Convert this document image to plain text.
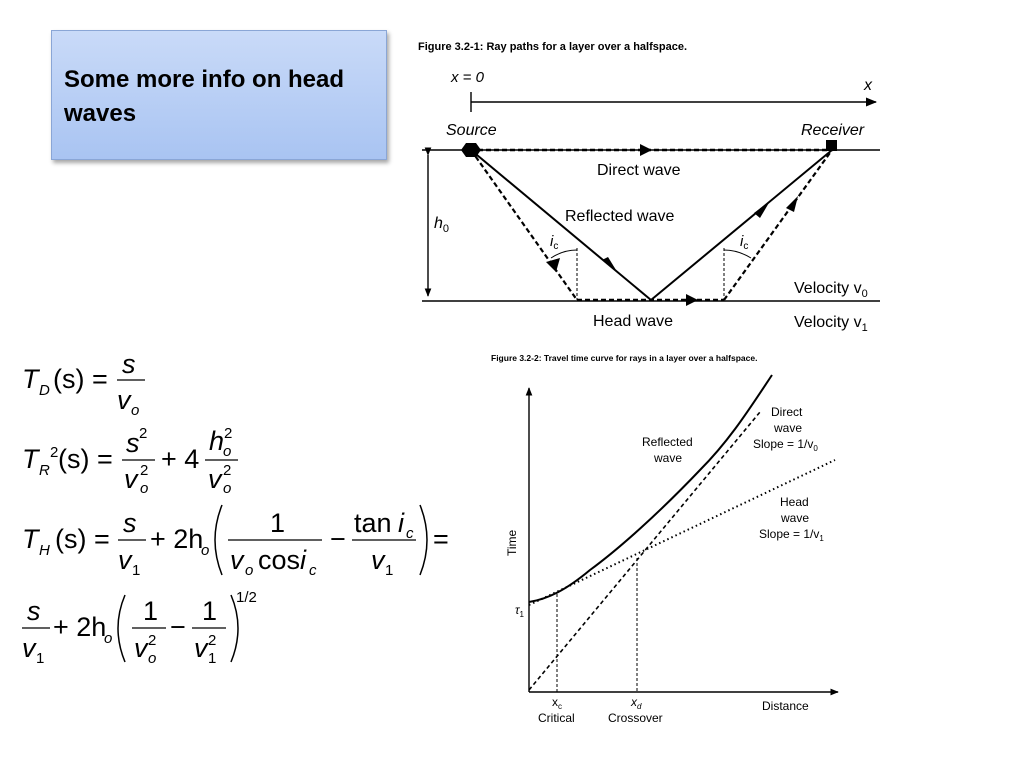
Some more info on head waves
Figure 3.2-1: Ray paths for a layer over a halfspace.
x = 0	x
Source	Receiver
$h_0$
Direct wave
Reflected wave
Head wave
$i_c$	$i_c$
Velocity $v_0$
Velocity $v_1$
Figure 3.2-2: Travel time curve for rays in a layer over a halfspace.
Time
Distance
$\tau_1$
Reflected
wave
Direct
wave
Slope = $1/v_0$
Head
wave
Slope = $1/v_1$
$x_c$
Critical
$x_d$
Crossover
T D (s) = s
v o
T R
2 (s) =
s 2
v o
2 + 4
h
o
2
v o
2
T H (s) =
s
v 1
+ 2h
o
1
v o cos i c
−
tan i c
v 1
=
s
v 1
+ 2h
o
1
v o
2 −
1
v 1
2
1/2
